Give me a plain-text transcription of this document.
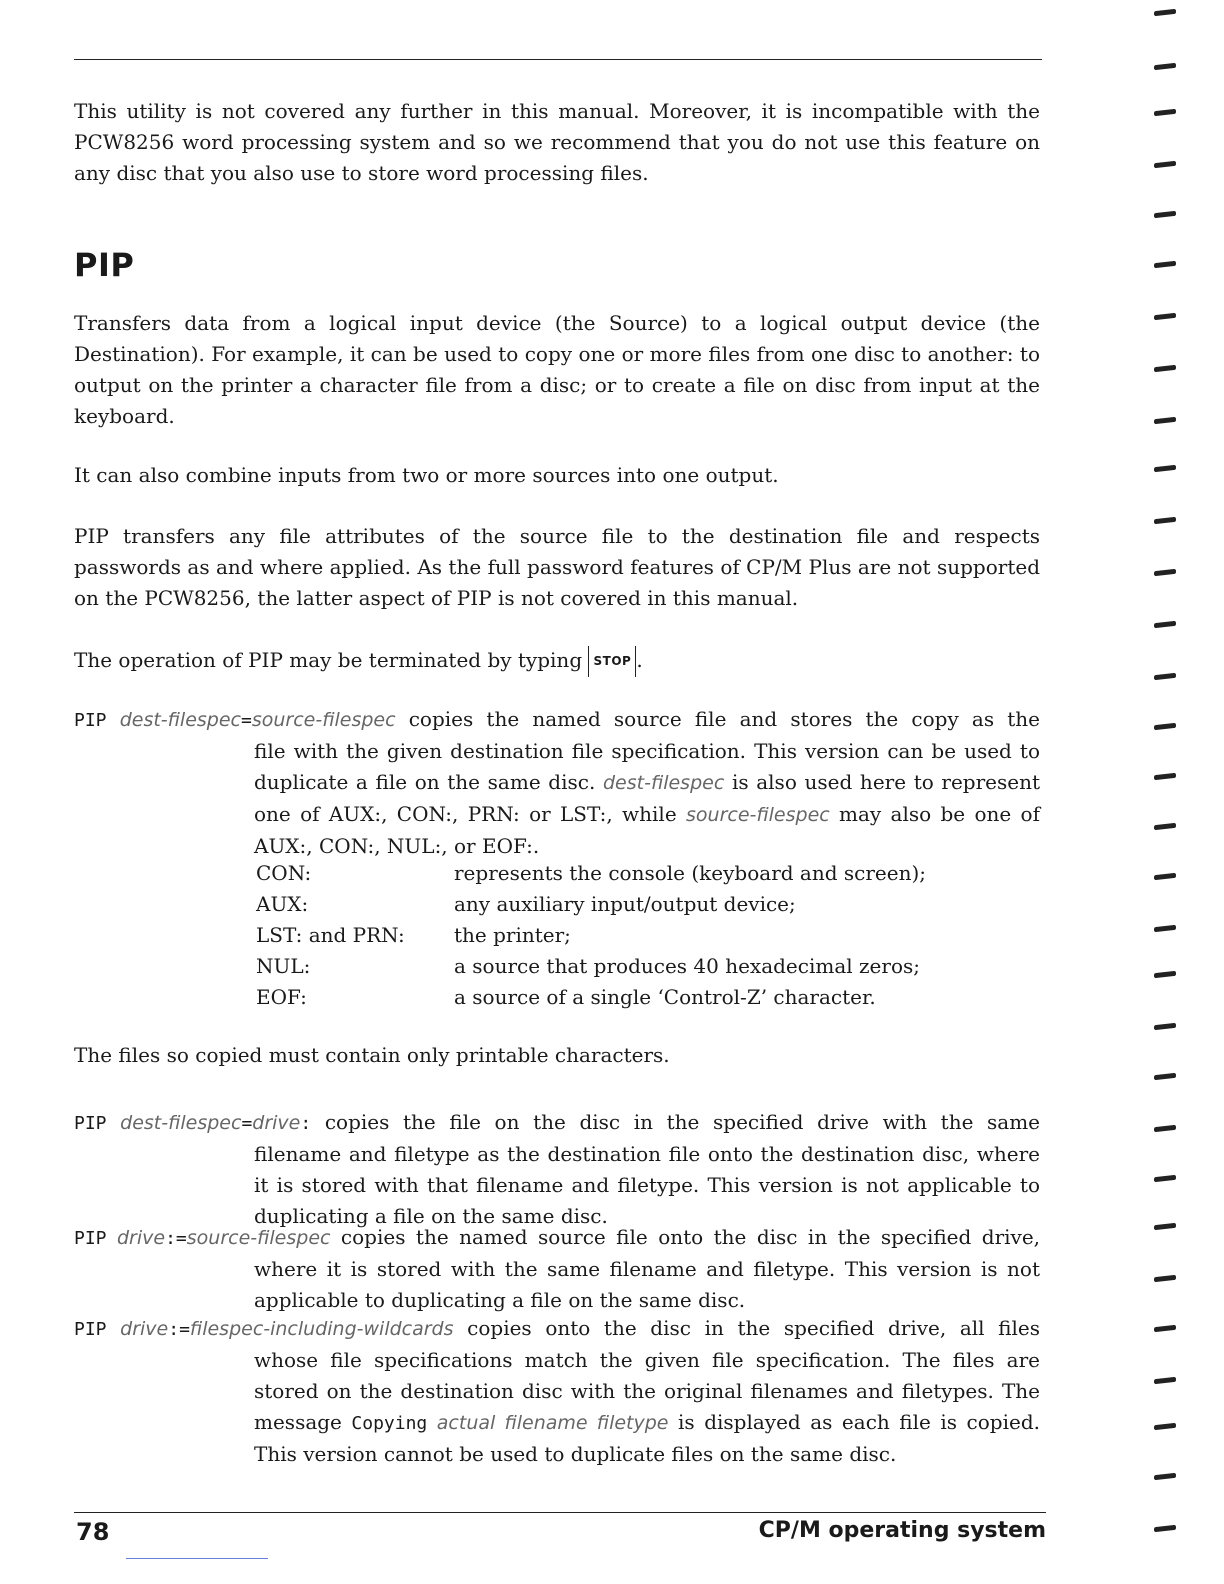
This utility is not covered any further in this manual. Moreover, it is incompatible with the PCW8256 word processing system and so we recommend that you do not use this feature on any disc that you also use to store word processing files.
PIP
Transfers data from a logical input device (the Source) to a logical output device (the Destination). For example, it can be used to copy one or more files from one disc to another: to output on the printer a character file from a disc; or to create a file on disc from input at the keyboard.
It can also combine inputs from two or more sources into one output.
PIP transfers any file attributes of the source file to the destination file and respects passwords as and where applied. As the full password features of CP/M Plus are not supported on the PCW8256, the latter aspect of PIP is not covered in this manual.
The operation of PIP may be terminated by typing STOP .
PIP dest-filespec=source-filespec copies the named source file and stores the copy as the
file with the given destination file specification. This version can be used to duplicate a file on the same disc. dest-filespec is also used here to represent one of AUX:, CON:, PRN: or LST:, while source-filespec may also be one of AUX:, CON:, NUL:, or EOF:.
CON:	represents the console (keyboard and screen);
AUX:	any auxiliary input/output device;
LST: and PRN:	the printer;
NUL:	a source that produces 40 hexadecimal zeros;
EOF:	a source of a single ‘Control-Z’ character.
The files so copied must contain only printable characters.
PIP dest-filespec=drive: copies the file on the disc in the specified drive with the same
filename and filetype as the destination file onto the destination disc, where it is stored with that filename and filetype. This version is not applicable to duplicating a file on the same disc.
PIP drive:=source-filespec copies the named source file onto the disc in the specified drive,
where it is stored with the same filename and filetype. This version is not applicable to duplicating a file on the same disc.
PIP drive:=filespec-including-wildcards copies onto the disc in the specified drive, all files
whose file specifications match the given file specification. The files are stored on the destination disc with the original filenames and filetypes. The message Copying actual filename filetype is displayed as each file is copied. This version cannot be used to duplicate files on the same disc.
78	CP/M operating system
